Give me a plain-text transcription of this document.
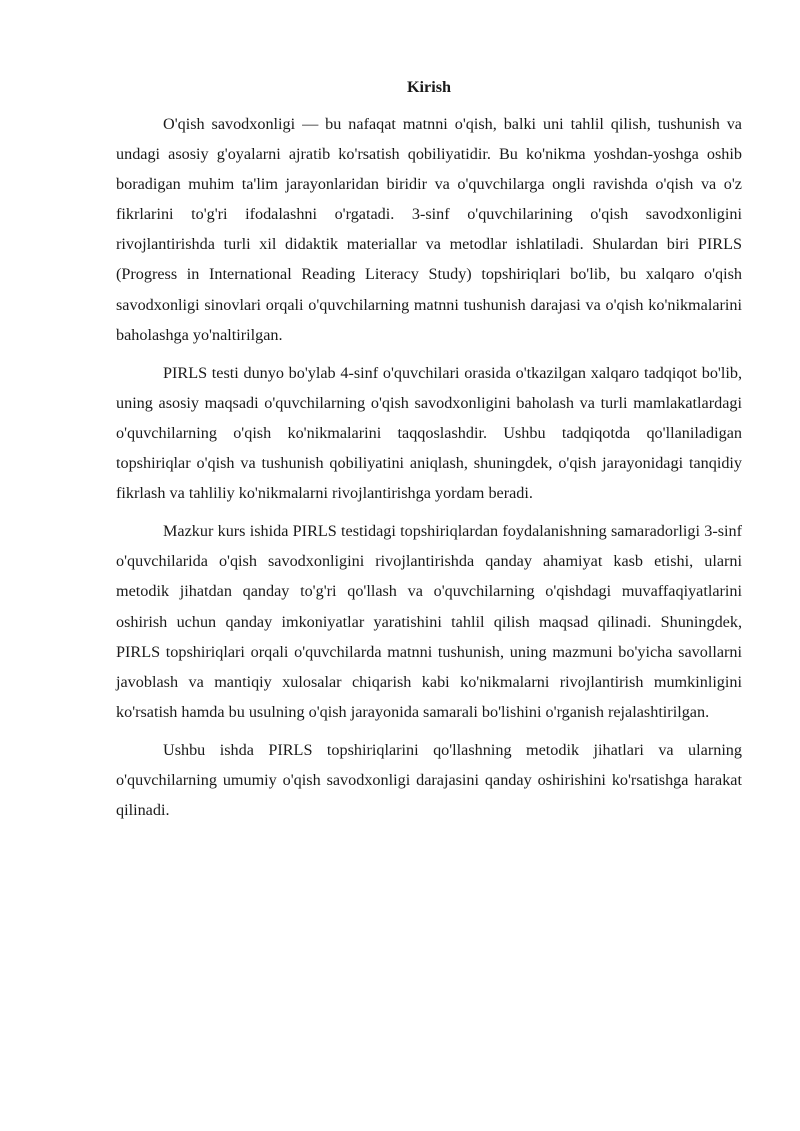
Kirish

O'qish savodxonligi — bu nafaqat matnni o'qish, balki uni tahlil qilish, tushunish va undagi asosiy g'oyalarni ajratib ko'rsatish qobiliyatidir. Bu ko'nikma yoshdan-yoshga oshib boradigan muhim ta'lim jarayonlaridan biridir va o'quvchilarga ongli ravishda o'qish va o'z fikrlarini to'g'ri ifodalashni o'rgatadi. 3-sinf o'quvchilarining o'qish savodxonligini rivojlantirishda turli xil didaktik materiallar va metodlar ishlatiladi. Shulardan biri PIRLS (Progress in International Reading Literacy Study) topshiriqlari bo'lib, bu xalqaro o'qish savodxonligi sinovlari orqali o'quvchilarning matnni tushunish darajasi va o'qish ko'nikmalarini baholashga yo'naltirilgan.

PIRLS testi dunyo bo'ylab 4-sinf o'quvchilari orasida o'tkazilgan xalqaro tadqiqot bo'lib, uning asosiy maqsadi o'quvchilarning o'qish savodxonligini baholash va turli mamlakatlardagi o'quvchilarning o'qish ko'nikmalarini taqqoslashdir. Ushbu tadqiqotda qo'llaniladigan topshiriqlar o'qish va tushunish qobiliyatini aniqlash, shuningdek, o'qish jarayonidagi tanqidiy fikrlash va tahliliy ko'nikmalarni rivojlantirishga yordam beradi.

Mazkur kurs ishida PIRLS testidagi topshiriqlardan foydalanishning samaradorligi 3-sinf o'quvchilarida o'qish savodxonligini rivojlantirishda qanday ahamiyat kasb etishi, ularni metodik jihatdan qanday to'g'ri qo'llash va o'quvchilarning o'qishdagi muvaffaqiyatlarini oshirish uchun qanday imkoniyatlar yaratishini tahlil qilish maqsad qilinadi. Shuningdek, PIRLS topshiriqlari orqali o'quvchilarda matnni tushunish, uning mazmuni bo'yicha savollarni javoblash va mantiqiy xulosalar chiqarish kabi ko'nikmalarni rivojlantirish mumkinligini ko'rsatish hamda bu usulning o'qish jarayonida samarali bo'lishini o'rganish rejalashtirilgan.

Ushbu ishda PIRLS topshiriqlarini qo'llashning metodik jihatlari va ularning o'quvchilarning umumiy o'qish savodxonligi darajasini qanday oshirishini ko'rsatishga harakat qilinadi.
